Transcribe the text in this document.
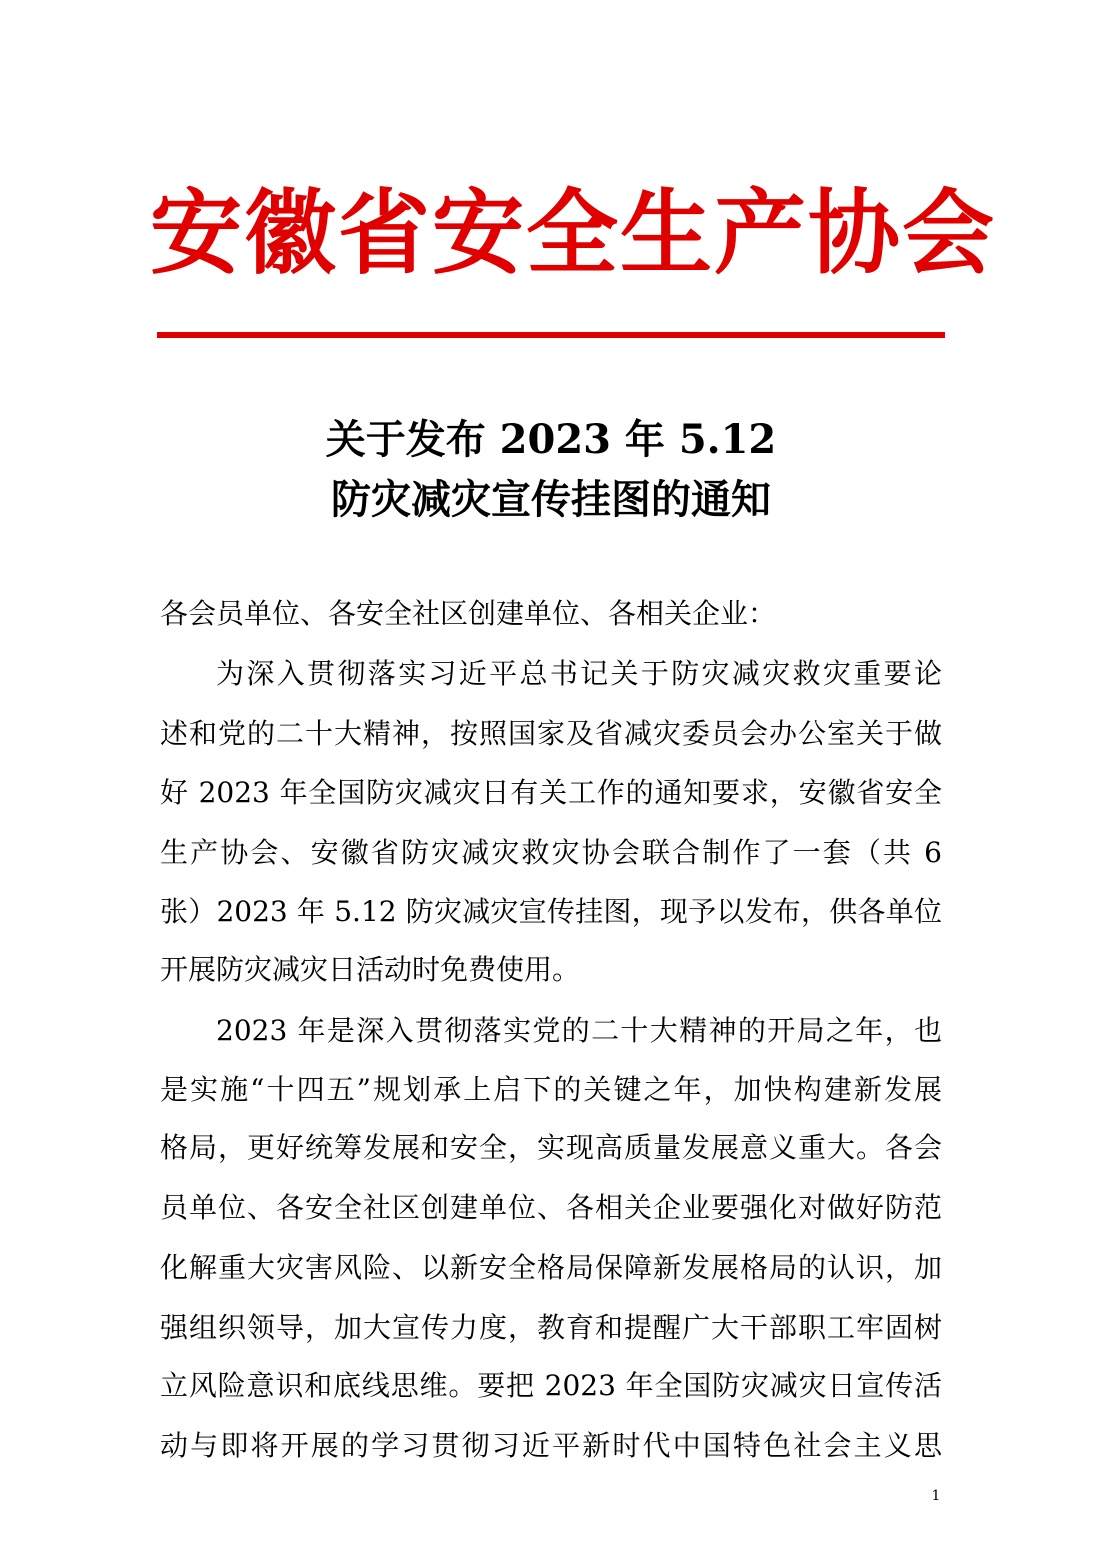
安徽省安全生产协会
关于发布 2023 年 5.12
防灾减灾宣传挂图的通知
各会员单位、各安全社区创建单位、各相关企业：
为深入贯彻落实习近平总书记关于防灾减灾救灾重要论
述和党的二十大精神，按照国家及省减灾委员会办公室关于做
好 2023 年全国防灾减灾日有关工作的通知要求，安徽省安全
生产协会、安徽省防灾减灾救灾协会联合制作了一套（共 6
张）2023 年 5.12 防灾减灾宣传挂图，现予以发布，供各单位
开展防灾减灾日活动时免费使用。
2023 年是深入贯彻落实党的二十大精神的开局之年，也
是实施“十四五”规划承上启下的关键之年，加快构建新发展
格局，更好统筹发展和安全，实现高质量发展意义重大。各会
员单位、各安全社区创建单位、各相关企业要强化对做好防范
化解重大灾害风险、以新安全格局保障新发展格局的认识，加
强组织领导，加大宣传力度，教育和提醒广大干部职工牢固树
立风险意识和底线思维。要把 2023 年全国防灾减灾日宣传活
动与即将开展的学习贯彻习近平新时代中国特色社会主义思
1
